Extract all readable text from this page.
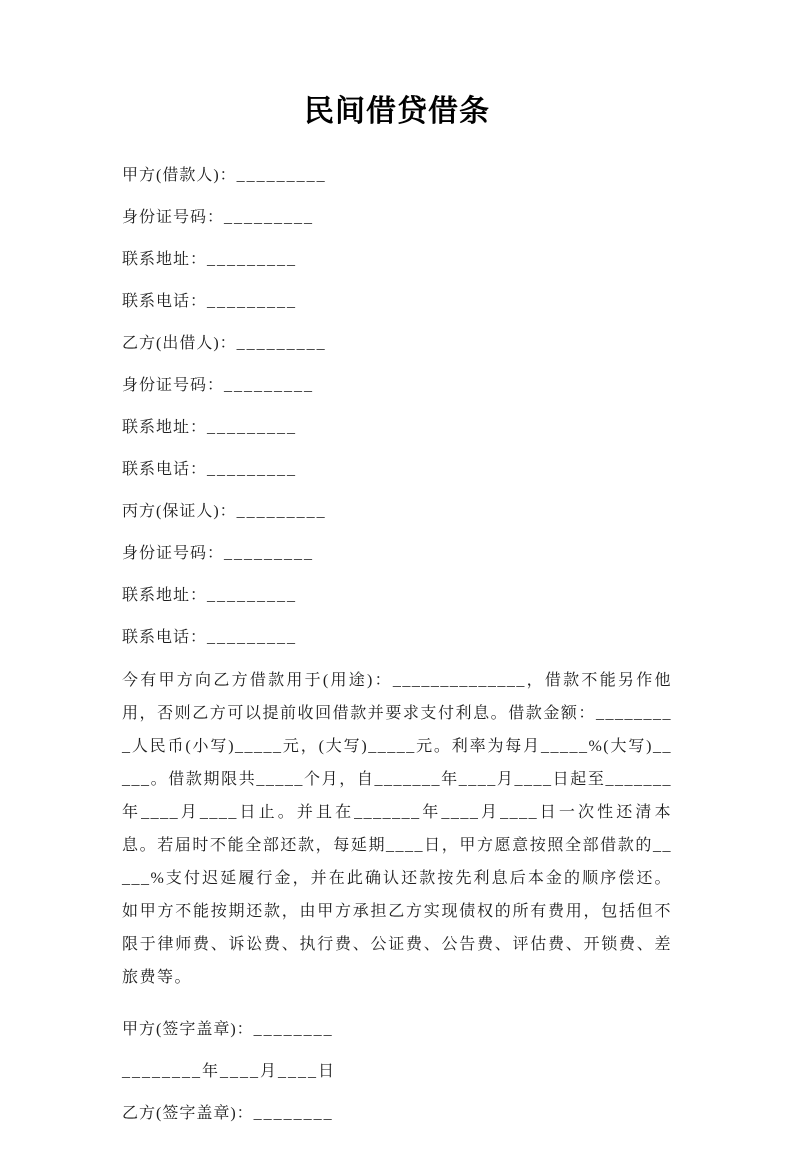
民间借贷借条
甲方(借款人)：_________
身份证号码：_________
联系地址：_________
联系电话：_________
乙方(出借人)：_________
身份证号码：_________
联系地址：_________
联系电话：_________
丙方(保证人)：_________
身份证号码：_________
联系地址：_________
联系电话：_________

今有甲方向乙方借款用于(用途)：______________，借款不能另作他用，否则乙方可以提前收回借款并要求支付利息。借款金额：_________人民币(小写)_____元，(大写)_____元。利率为每月_____%(大写)_____。借款期限共_____个月，自_______年____月____日起至_______年____月____日止。并且在_______年____月____日一次性还清本息。若届时不能全部还款，每延期____日，甲方愿意按照全部借款的_____%支付迟延履行金，并在此确认还款按先利息后本金的顺序偿还。如甲方不能按期还款，由甲方承担乙方实现债权的所有费用，包括但不限于律师费、诉讼费、执行费、公证费、公告费、评估费、开锁费、差旅费等。

甲方(签字盖章)：________
________年____月____日
乙方(签字盖章)：________
